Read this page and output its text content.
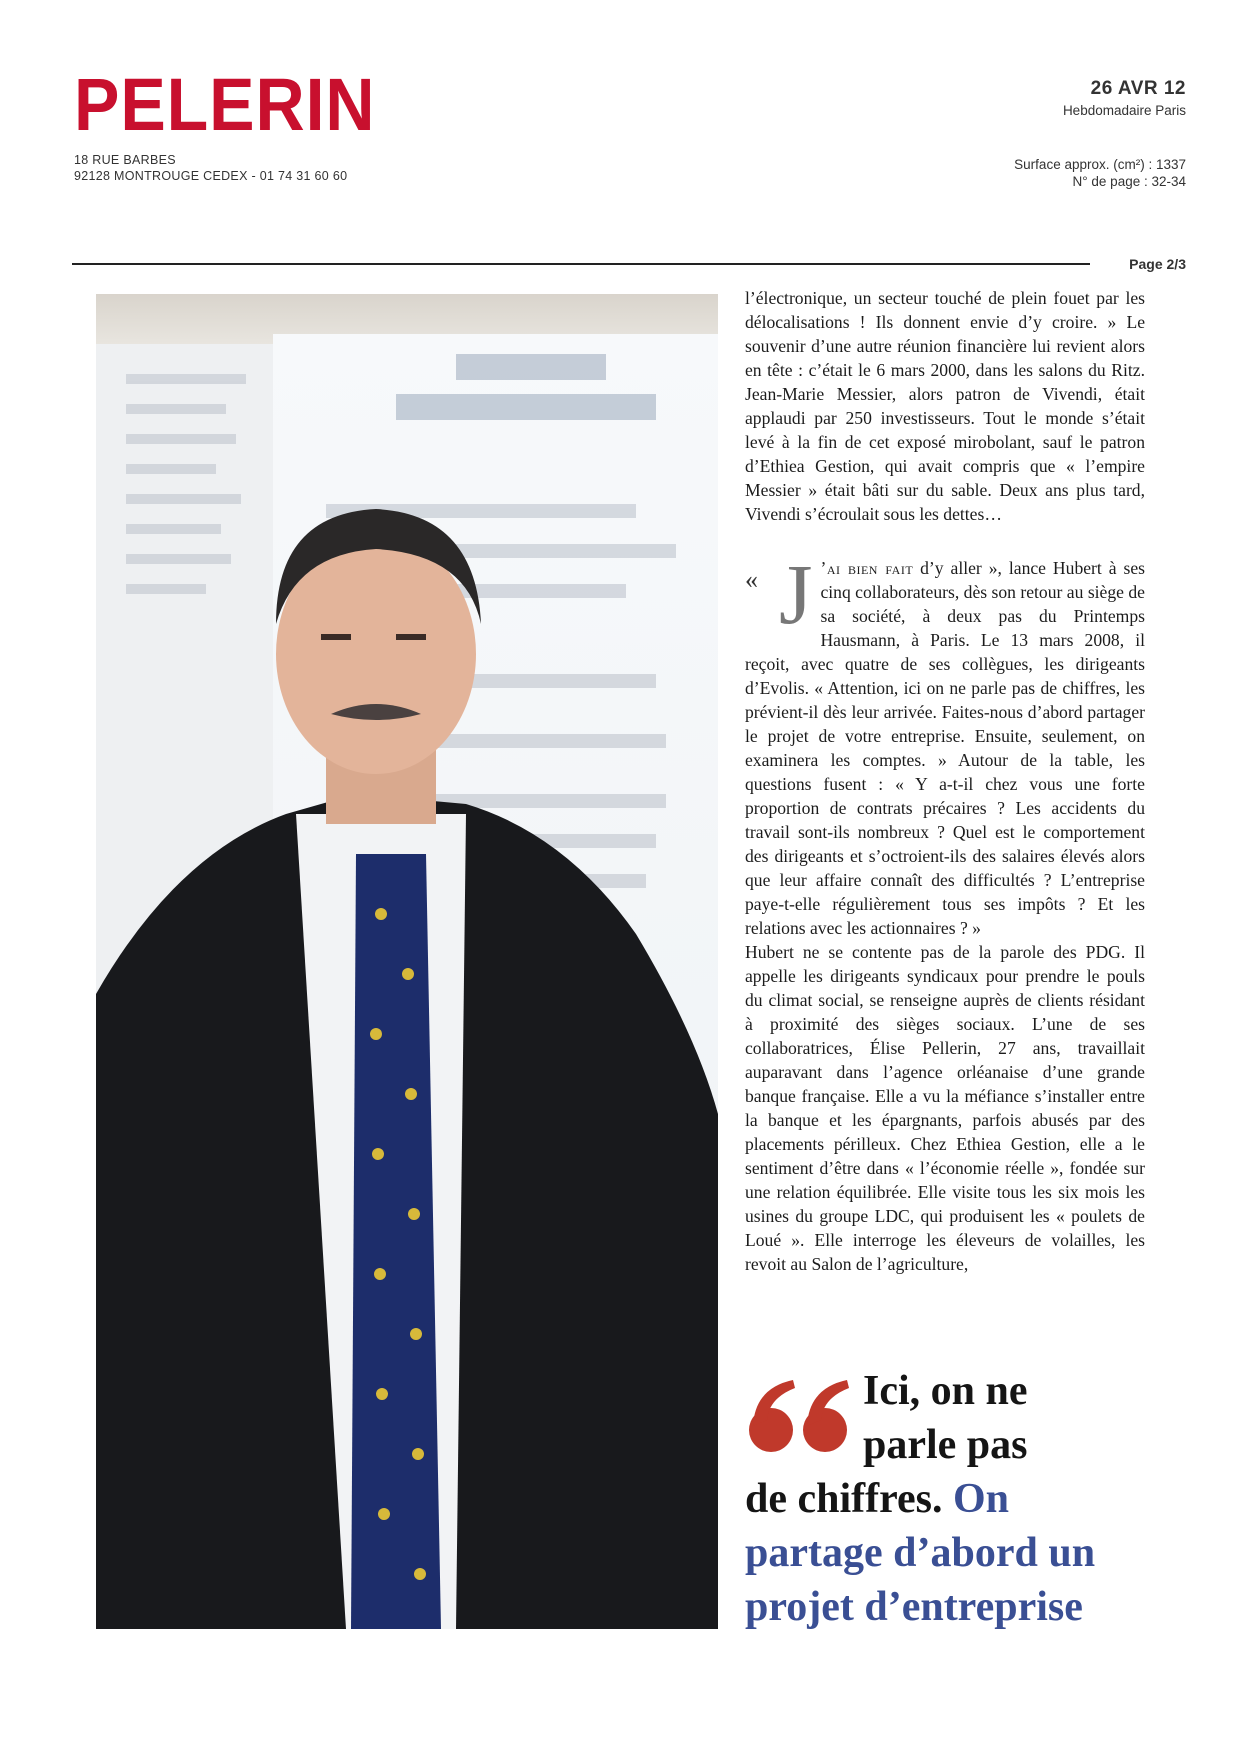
PELERIN
18 RUE BARBES
92128 MONTROUGE CEDEX - 01 74 31 60 60
26 AVR 12
Hebdomadaire Paris
Surface approx. (cm²) : 1337
N° de page : 32-34
Page 2/3

l’électronique, un secteur touché de plein fouet par les délocalisations ! Ils donnent envie d’y croire. » Le souvenir d’une autre réunion financière lui revient alors en tête : c’était le 6 mars 2000, dans les salons du Ritz. Jean-Marie Messier, alors patron de Vivendi, était applaudi par 250 investisseurs. Tout le monde s’était levé à la fin de cet exposé mirobolant, sauf le patron d’Ethiea Gestion, qui avait compris que « l’empire Messier » était bâti sur du sable. Deux ans plus tard, Vivendi s’écroulait sous les dettes…

« J ’ai bien fait d’y aller », lance Hubert à ses cinq collaborateurs, dès son retour au siège de sa société, à deux pas du Printemps Hausmann, à Paris. Le 13 mars 2008, il reçoit, avec quatre de ses collègues, les dirigeants d’Evolis. « Attention, ici on ne parle pas de chiffres, les prévient-il dès leur arrivée. Faites-nous d’abord partager le projet de votre entreprise. Ensuite, seulement, on examinera les comptes. » Autour de la table, les questions fusent : « Y a-t-il chez vous une forte proportion de contrats précaires ? Les accidents du travail sont-ils nombreux ? Quel est le comportement des dirigeants et s’octroient-ils des salaires élevés alors que leur affaire connaît des difficultés ? L’entreprise paye-t-elle régulièrement tous ses impôts ? Et les relations avec les actionnaires ? »

Hubert ne se contente pas de la parole des PDG. Il appelle les dirigeants syndicaux pour prendre le pouls du climat social, se renseigne auprès de clients résidant à proximité des sièges sociaux. L’une de ses collaboratrices, Élise Pellerin, 27 ans, travaillait auparavant dans l’agence orléanaise d’une grande banque française. Elle a vu la méfiance s’installer entre la banque et les épargnants, parfois abusés par des placements périlleux. Chez Ethiea Gestion, elle a le sentiment d’être dans « l’économie réelle », fondée sur une relation équilibrée. Elle visite tous les six mois les usines du groupe LDC, qui produisent les « poulets de Loué ». Elle interroge les éleveurs de volailles, les revoit au Salon de l’agriculture,

Ici, on ne
parle pas
de chiffres. On
partage d’abord un
projet d’entreprise
